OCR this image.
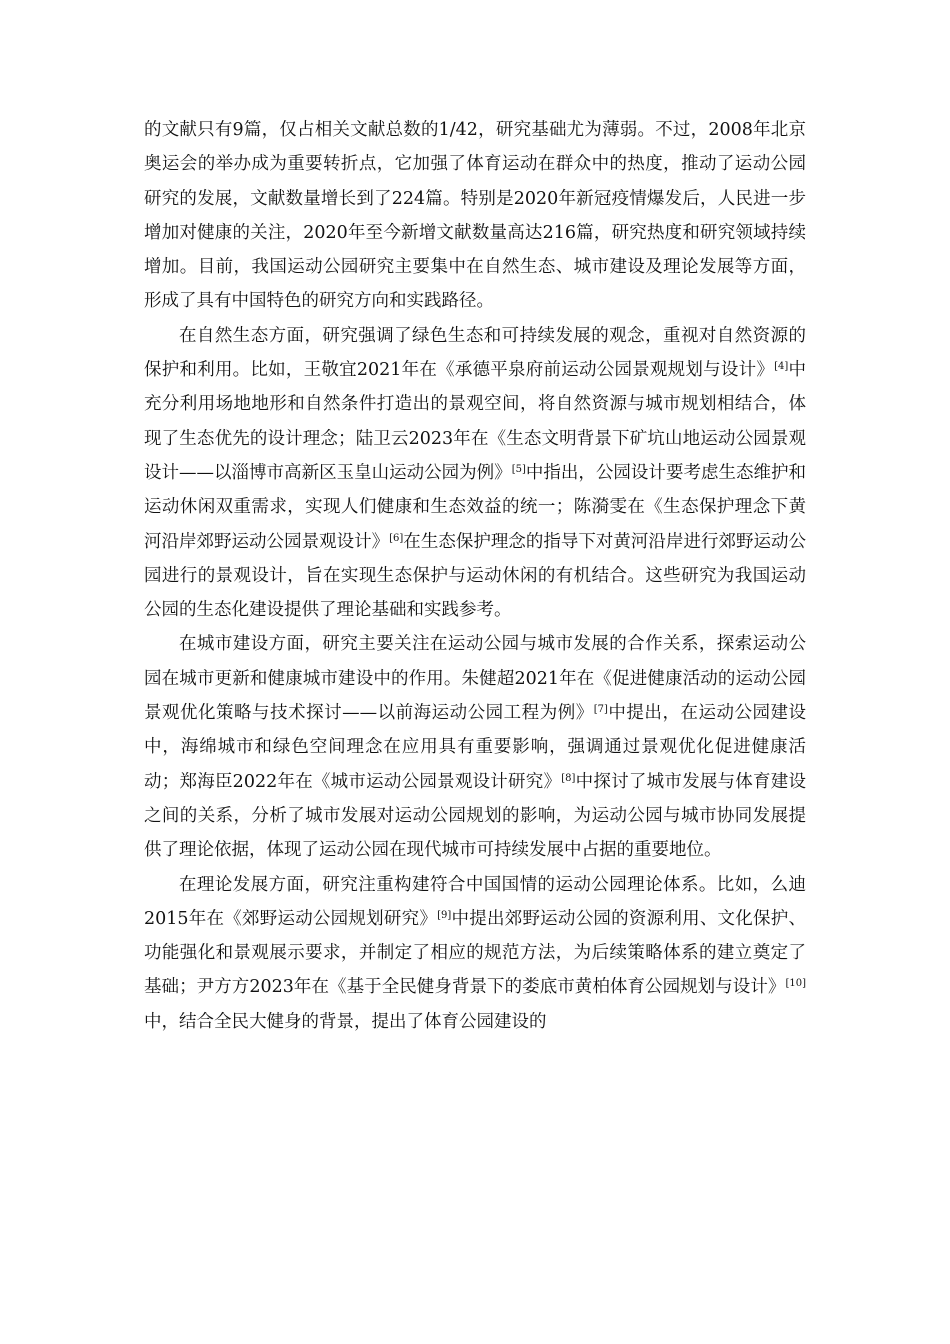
的文献只有9篇，仅占相关文献总数的1/42，研究基础尤为薄弱。不过，2008年北京奥运会的举办成为重要转折点，它加强了体育运动在群众中的热度，推动了运动公园研究的发展，文献数量增长到了224篇。特别是2020年新冠疫情爆发后，人民进一步增加对健康的关注，2020年至今新增文献数量高达216篇，研究热度和研究领域持续增加。目前，我国运动公园研究主要集中在自然生态、城市建设及理论发展等方面，形成了具有中国特色的研究方向和实践路径。

在自然生态方面，研究强调了绿色生态和可持续发展的观念，重视对自然资源的保护和利用。比如，王敬宜2021年在《承德平泉府前运动公园景观规划与设计》[4]中充分利用场地地形和自然条件打造出的景观空间，将自然资源与城市规划相结合，体现了生态优先的设计理念；陆卫云2023年在《生态文明背景下矿坑山地运动公园景观设计——以淄博市高新区玉皇山运动公园为例》[5]中指出，公园设计要考虑生态维护和运动休闲双重需求，实现人们健康和生态效益的统一；陈漪雯在《生态保护理念下黄河沿岸郊野运动公园景观设计》[6]在生态保护理念的指导下对黄河沿岸进行郊野运动公园进行的景观设计，旨在实现生态保护与运动休闲的有机结合。这些研究为我国运动公园的生态化建设提供了理论基础和实践参考。

在城市建设方面，研究主要关注在运动公园与城市发展的合作关系，探索运动公园在城市更新和健康城市建设中的作用。朱健超2021年在《促进健康活动的运动公园景观优化策略与技术探讨——以前海运动公园工程为例》[7]中提出，在运动公园建设中，海绵城市和绿色空间理念在应用具有重要影响，强调通过景观优化促进健康活动；郑海臣2022年在《城市运动公园景观设计研究》[8]中探讨了城市发展与体育建设之间的关系，分析了城市发展对运动公园规划的影响，为运动公园与城市协同发展提供了理论依据，体现了运动公园在现代城市可持续发展中占据的重要地位。

在理论发展方面，研究注重构建符合中国国情的运动公园理论体系。比如，么迪2015年在《郊野运动公园规划研究》[9]中提出郊野运动公园的资源利用、文化保护、功能强化和景观展示要求，并制定了相应的规范方法，为后续策略体系的建立奠定了基础；尹方方2023年在《基于全民健身背景下的娄底市黄柏体育公园规划与设计》[10]中，结合全民大健身的背景，提出了体育公园建设的
